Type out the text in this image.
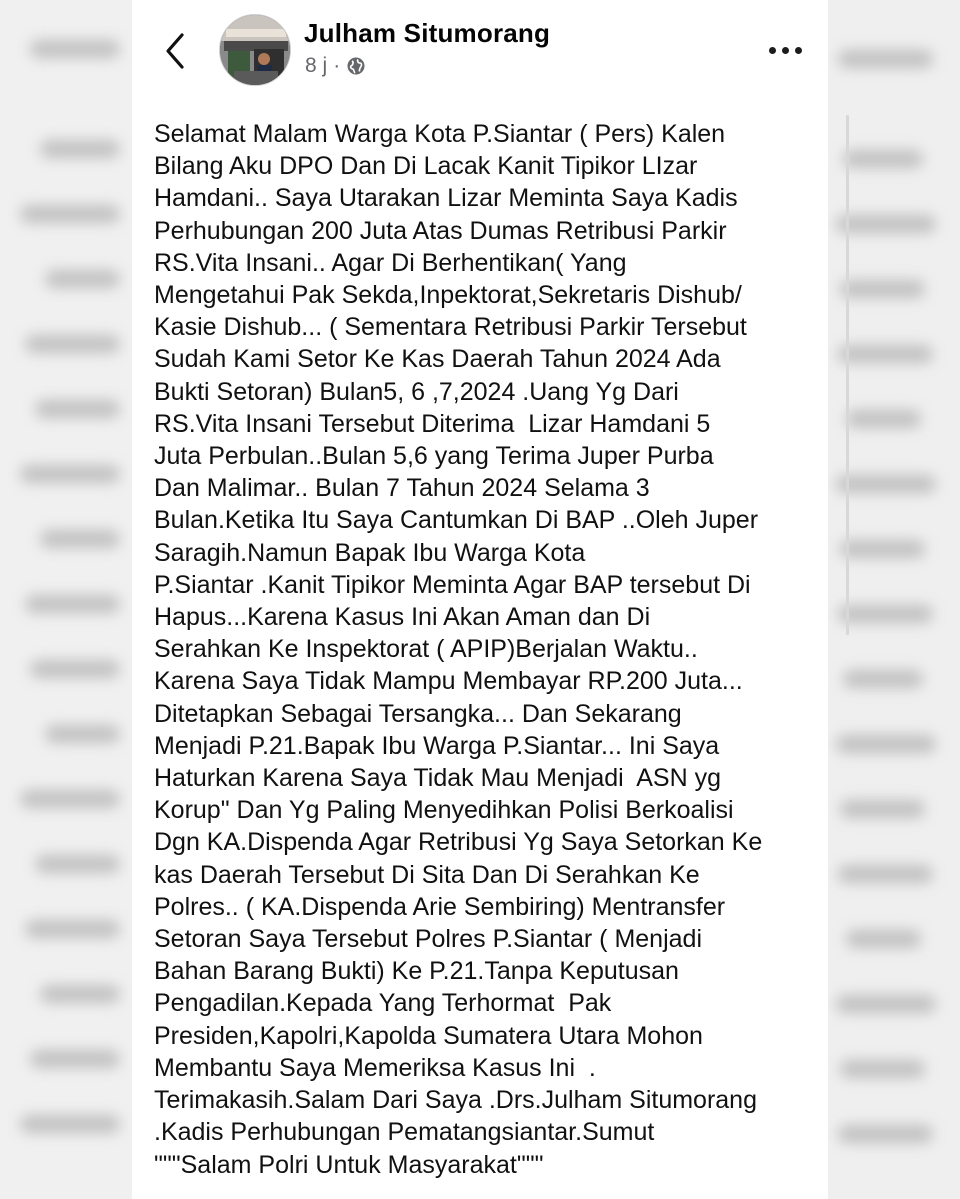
Julham Situmorang
8 j ·
Selamat Malam Warga Kota P.Siantar ( Pers) Kalen
Bilang Aku DPO Dan Di Lacak Kanit Tipikor LIzar
Hamdani.. Saya Utarakan Lizar Meminta Saya Kadis
Perhubungan 200 Juta Atas Dumas Retribusi Parkir
RS.Vita Insani.. Agar Di Berhentikan( Yang
Mengetahui Pak Sekda,Inpektorat,Sekretaris Dishub/
Kasie Dishub... ( Sementara Retribusi Parkir Tersebut
Sudah Kami Setor Ke Kas Daerah Tahun 2024 Ada
Bukti Setoran) Bulan5, 6 ,7,2024 .Uang Yg Dari
RS.Vita Insani Tersebut Diterima  Lizar Hamdani 5
Juta Perbulan..Bulan 5,6 yang Terima Juper Purba
Dan Malimar.. Bulan 7 Tahun 2024 Selama 3
Bulan.Ketika Itu Saya Cantumkan Di BAP ..Oleh Juper
Saragih.Namun Bapak Ibu Warga Kota
P.Siantar .Kanit Tipikor Meminta Agar BAP tersebut Di
Hapus...Karena Kasus Ini Akan Aman dan Di
Serahkan Ke Inspektorat ( APIP)Berjalan Waktu..
Karena Saya Tidak Mampu Membayar RP.200 Juta...
Ditetapkan Sebagai Tersangka... Dan Sekarang
Menjadi P.21.Bapak Ibu Warga P.Siantar... Ini Saya
Haturkan Karena Saya Tidak Mau Menjadi  ASN yg
Korup" Dan Yg Paling Menyedihkan Polisi Berkoalisi
Dgn KA.Dispenda Agar Retribusi Yg Saya Setorkan Ke
kas Daerah Tersebut Di Sita Dan Di Serahkan Ke
Polres.. ( KA.Dispenda Arie Sembiring) Mentransfer
Setoran Saya Tersebut Polres P.Siantar ( Menjadi
Bahan Barang Bukti) Ke P.21.Tanpa Keputusan
Pengadilan.Kepada Yang Terhormat  Pak
Presiden,Kapolri,Kapolda Sumatera Utara Mohon
Membantu Saya Memeriksa Kasus Ini  .
Terimakasih.Salam Dari Saya .Drs.Julham Situmorang
.Kadis Perhubungan Pematangsiantar.Sumut
"""Salam Polri Untuk Masyarakat"""
